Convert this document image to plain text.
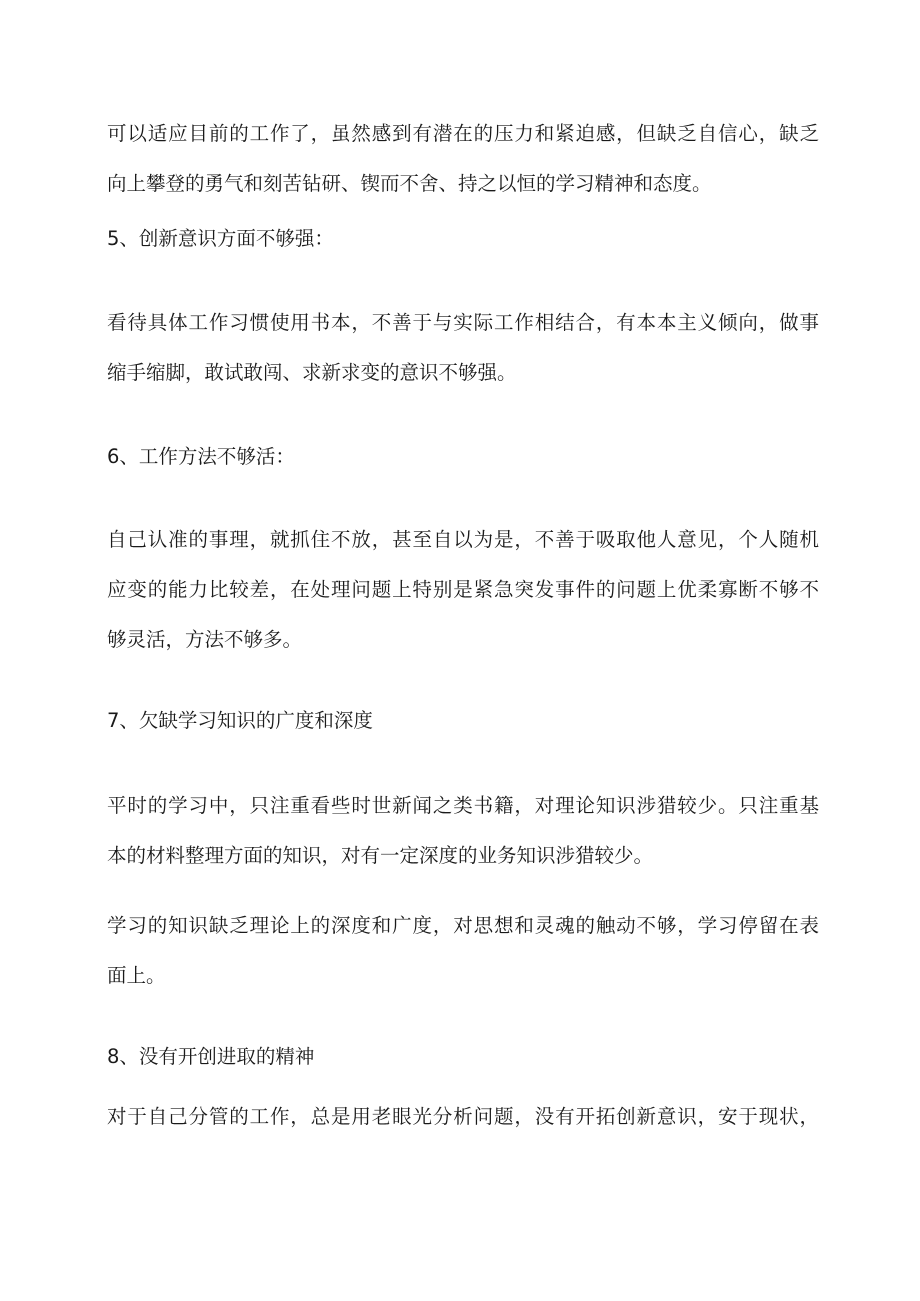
可以适应目前的工作了，虽然感到有潜在的压力和紧迫感，但缺乏自信心，缺乏
向上攀登的勇气和刻苦钻研、锲而不舍、持之以恒的学习精神和态度。
5、创新意识方面不够强：
看待具体工作习惯使用书本，不善于与实际工作相结合，有本本主义倾向，做事
缩手缩脚，敢试敢闯、求新求变的意识不够强。
6、工作方法不够活：
自己认准的事理，就抓住不放，甚至自以为是，不善于吸取他人意见，个人随机
应变的能力比较差，在处理问题上特别是紧急突发事件的问题上优柔寡断不够不
够灵活，方法不够多。
7、欠缺学习知识的广度和深度
平时的学习中，只注重看些时世新闻之类书籍，对理论知识涉猎较少。只注重基
本的材料整理方面的知识，对有一定深度的业务知识涉猎较少。
学习的知识缺乏理论上的深度和广度，对思想和灵魂的触动不够，学习停留在表
面上。
8、没有开创进取的精神
对于自己分管的工作，总是用老眼光分析问题，没有开拓创新意识，安于现状，
